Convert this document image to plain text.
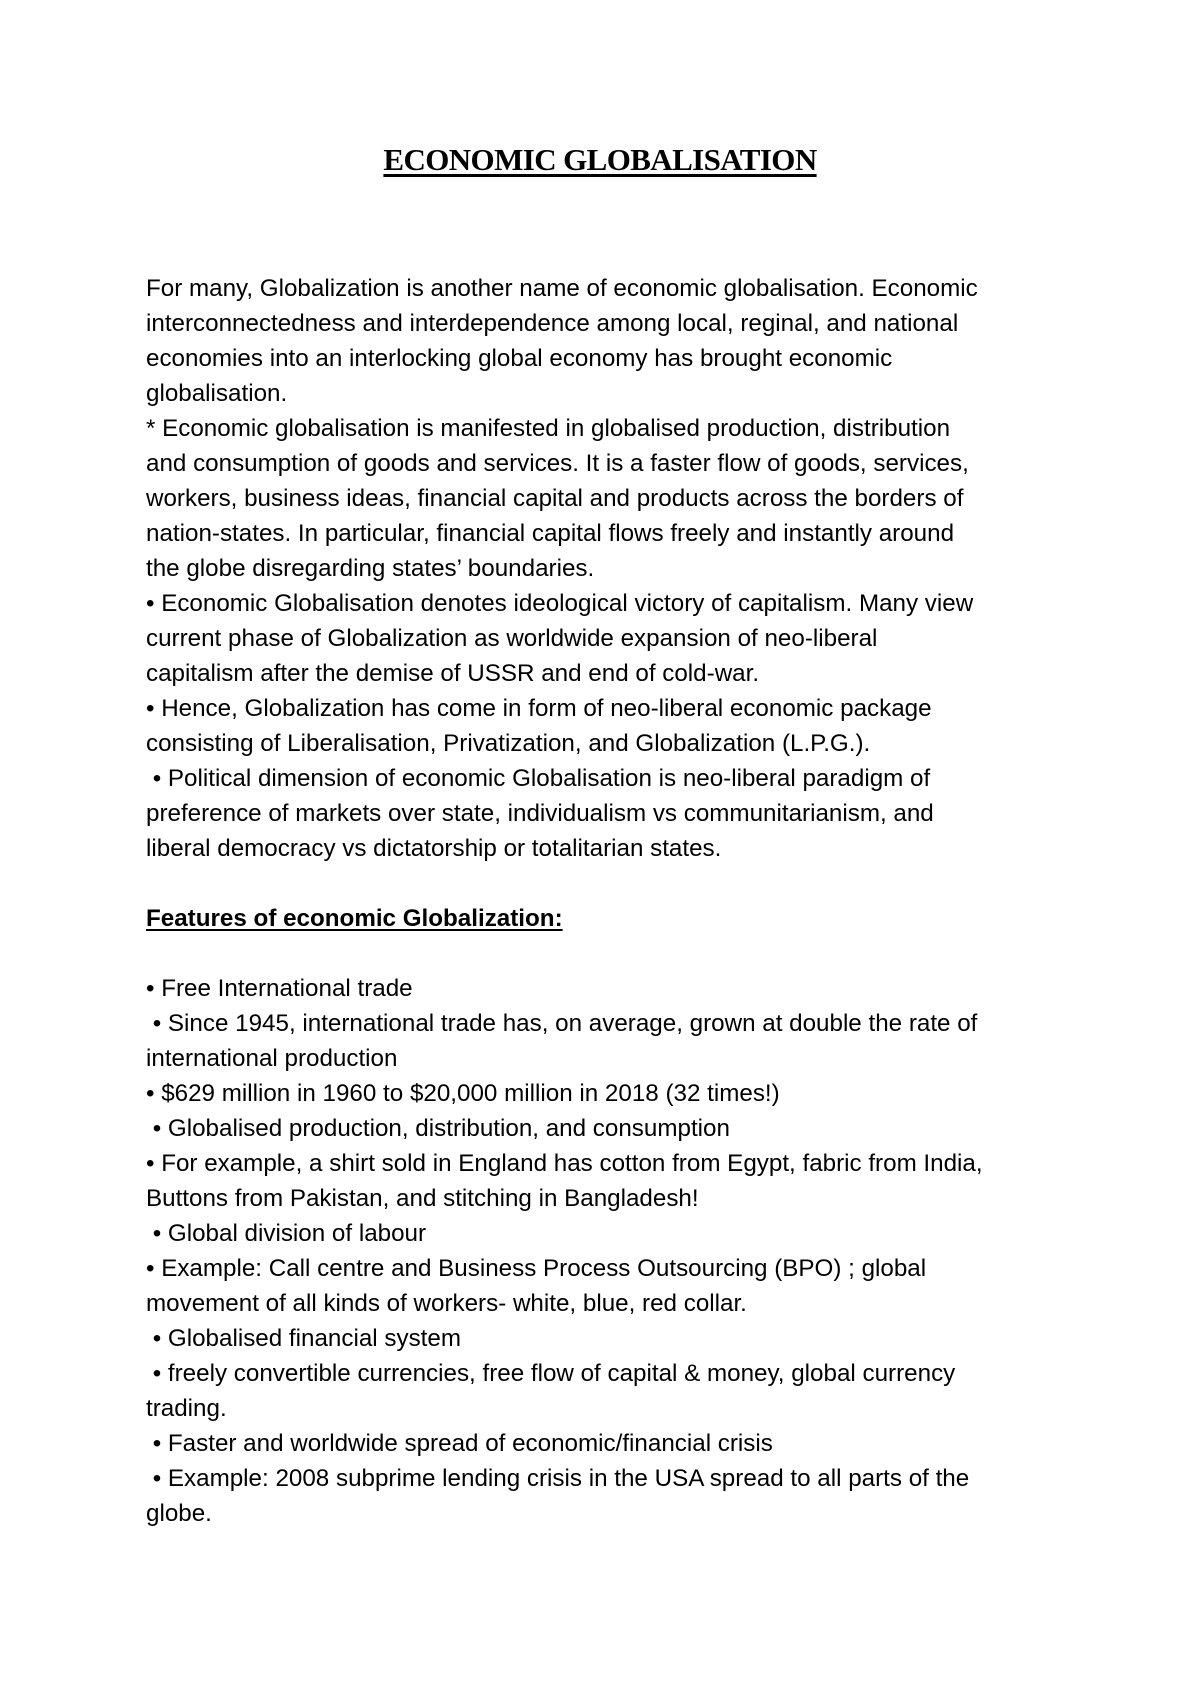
ECONOMIC GLOBALISATION
For many, Globalization is another name of economic globalisation. Economic
interconnectedness and interdependence among local, reginal, and national
economies into an interlocking global economy has brought economic
globalisation.
* Economic globalisation is manifested in globalised production, distribution
and consumption of goods and services. It is a faster flow of goods, services,
workers, business ideas, financial capital and products across the borders of
nation-states. In particular, financial capital flows freely and instantly around
the globe disregarding states’ boundaries.
• Economic Globalisation denotes ideological victory of capitalism. Many view
current phase of Globalization as worldwide expansion of neo-liberal
capitalism after the demise of USSR and end of cold-war.
• Hence, Globalization has come in form of neo-liberal economic package
consisting of Liberalisation, Privatization, and Globalization (L.P.G.).
• Political dimension of economic Globalisation is neo-liberal paradigm of
preference of markets over state, individualism vs communitarianism, and
liberal democracy vs dictatorship or totalitarian states.
Features of economic Globalization:
• Free International trade
• Since 1945, international trade has, on average, grown at double the rate of
international production
• $629 million in 1960 to $20,000 million in 2018 (32 times!)
• Globalised production, distribution, and consumption
• For example, a shirt sold in England has cotton from Egypt, fabric from India,
Buttons from Pakistan, and stitching in Bangladesh!
• Global division of labour
• Example: Call centre and Business Process Outsourcing (BPO) ; global
movement of all kinds of workers- white, blue, red collar.
• Globalised financial system
• freely convertible currencies, free flow of capital & money, global currency
trading.
• Faster and worldwide spread of economic/financial crisis
• Example: 2008 subprime lending crisis in the USA spread to all parts of the
globe.
